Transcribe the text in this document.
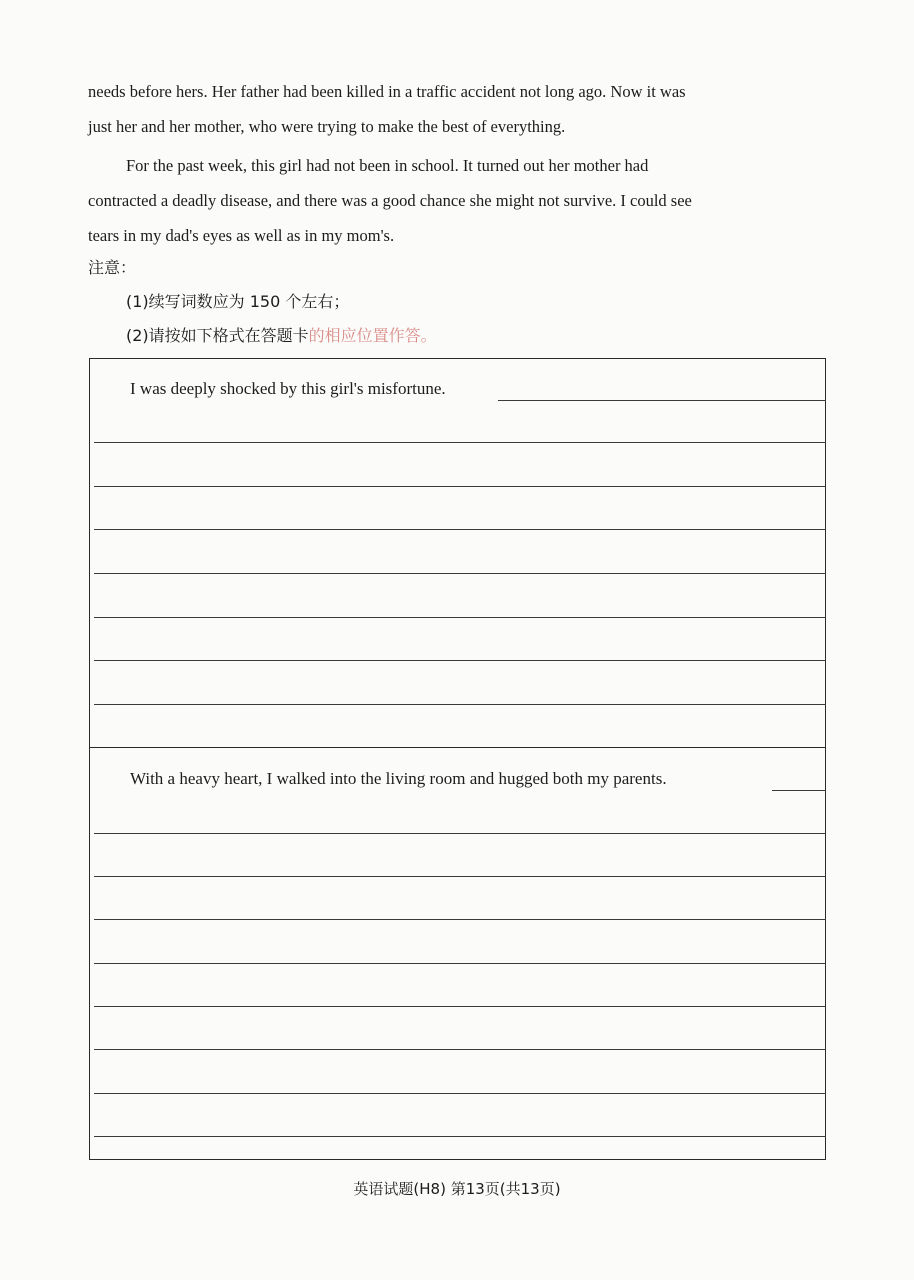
needs before hers. Her father had been killed in a traffic accident not long ago. Now it was
just her and her mother, who were trying to make the best of everything.
For the past week, this girl had not been in school. It turned out her mother had
contracted a deadly disease, and there was a good chance she might not survive. I could see
tears in my dad's eyes as well as in my mom's.
注意：
(1)续写词数应为 150 个左右；
(2)请按如下格式在答题卡的相应位置作答。
I was deeply shocked by this girl's misfortune.
With a heavy heart, I walked into the living room and hugged both my parents.
英语试题(H8) 第13页(共13页)
